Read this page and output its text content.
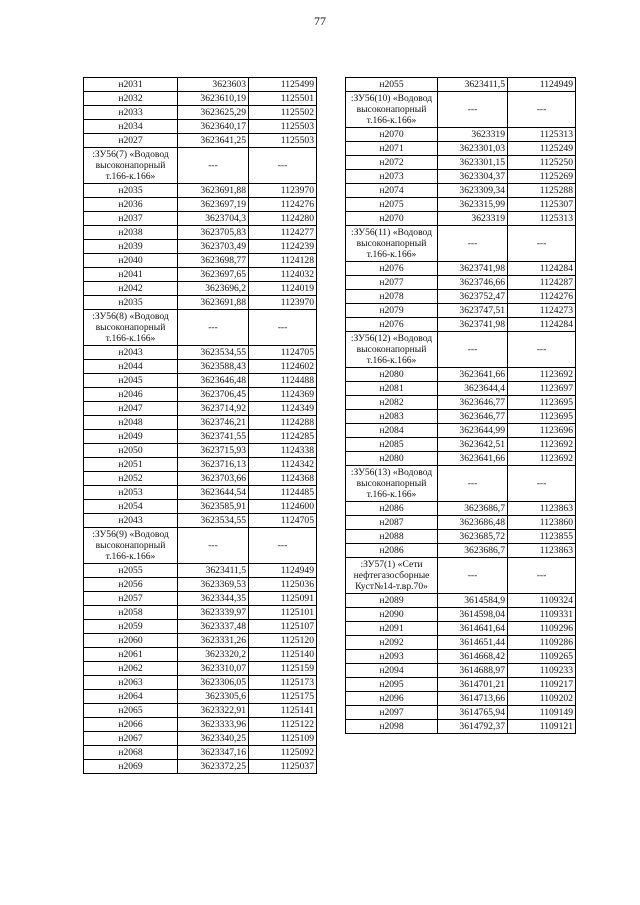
77
н2031	3623603	1125499
н2032	3623610,19	1125501
н2033	3623625,29	1125502
н2034	3623640,17	1125503
н2027	3623641,25	1125503
:ЗУ56(7) «Водовод высоконапорный т.166-к.166»	---	---
н2035	3623691,88	1123970
н2036	3623697,19	1124276
н2037	3623704,3	1124280
н2038	3623705,83	1124277
н2039	3623703,49	1124239
н2040	3623698,77	1124128
н2041	3623697,65	1124032
н2042	3623696,2	1124019
н2035	3623691,88	1123970
:ЗУ56(8) «Водовод высоконапорный т.166-к.166»	---	---
н2043	3623534,55	1124705
н2044	3623588,43	1124602
н2045	3623646,48	1124488
н2046	3623706,45	1124369
н2047	3623714,92	1124349
н2048	3623746,21	1124288
н2049	3623741,55	1124285
н2050	3623715,93	1124338
н2051	3623716,13	1124342
н2052	3623703,66	1124368
н2053	3623644,54	1124485
н2054	3623585,91	1124600
н2043	3623534,55	1124705
:ЗУ56(9) «Водовод высоконапорный т.166-к.166»	---	---
н2055	3623411,5	1124949
н2056	3623369,53	1125036
н2057	3623344,35	1125091
н2058	3623339,97	1125101
н2059	3623337,48	1125107
н2060	3623331,26	1125120
н2061	3623320,2	1125140
н2062	3623310,07	1125159
н2063	3623306,05	1125173
н2064	3623305,6	1125175
н2065	3623322,91	1125141
н2066	3623333,96	1125122
н2067	3623340,25	1125109
н2068	3623347,16	1125092
н2069	3623372,25	1125037
н2055	3623411,5	1124949
:ЗУ56(10) «Водовод высоконапорный т.166-к.166»	---	---
н2070	3623319	1125313
н2071	3623301,03	1125249
н2072	3623301,15	1125250
н2073	3623304,37	1125269
н2074	3623309,34	1125288
н2075	3623315,99	1125307
н2070	3623319	1125313
:ЗУ56(11) «Водовод высоконапорный т.166-к.166»	---	---
н2076	3623741,98	1124284
н2077	3623746,66	1124287
н2078	3623752,47	1124276
н2079	3623747,51	1124273
н2076	3623741,98	1124284
:ЗУ56(12) «Водовод высоконапорный т.166-к.166»	---	---
н2080	3623641,66	1123692
н2081	3623644,4	1123697
н2082	3623646,77	1123695
н2083	3623646,77	1123695
н2084	3623644,99	1123696
н2085	3623642,51	1123692
н2080	3623641,66	1123692
:ЗУ56(13) «Водовод высоконапорный т.166-к.166»	---	---
н2086	3623686,7	1123863
н2087	3623686,48	1123860
н2088	3623685,72	1123855
н2086	3623686,7	1123863
:ЗУ57(1) «Сети нефтегазосборные Куст№14-т.вр.70»	---	---
н2089	3614584,9	1109324
н2090	3614598,04	1109331
н2091	3614641,64	1109296
н2092	3614651,44	1109286
н2093	3614668,42	1109265
н2094	3614688,97	1109233
н2095	3614701,21	1109217
н2096	3614713,66	1109202
н2097	3614765,94	1109149
н2098	3614792,37	1109121
